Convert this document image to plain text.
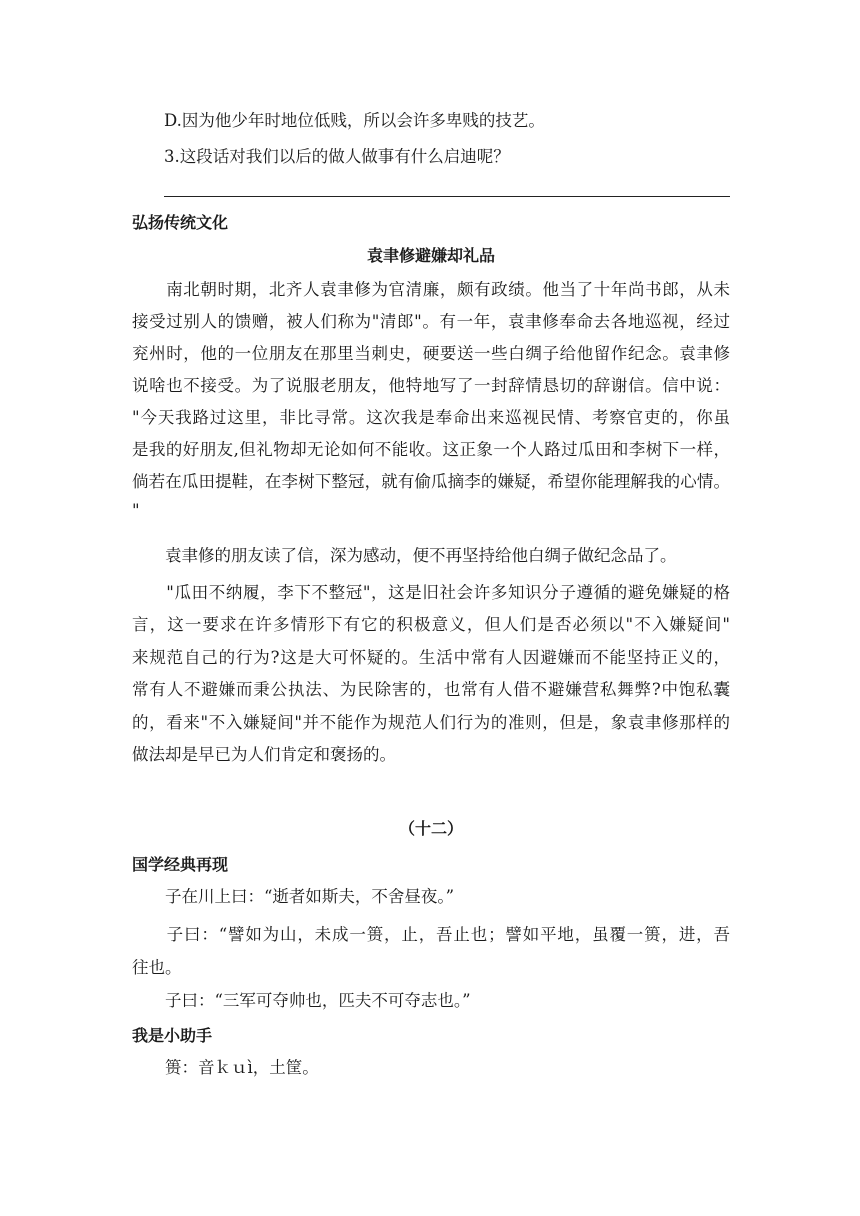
D.因为他少年时地位低贱，所以会许多卑贱的技艺。
3.这段话对我们以后的做人做事有什么启迪呢？
弘扬传统文化
袁聿修避嫌却礼品
　　南北朝时期，北齐人袁聿修为官清廉，颇有政绩。他当了十年尚书郎，从未
接受过别人的馈赠，被人们称为"清郎"。有一年，袁聿修奉命去各地巡视，经过
兖州时，他的一位朋友在那里当刺史，硬要送一些白绸子给他留作纪念。袁聿修
说啥也不接受。为了说服老朋友，他特地写了一封辞情恳切的辞谢信。信中说：
"今天我路过这里，非比寻常。这次我是奉命出来巡视民情、考察官吏的，你虽
是我的好朋友,但礼物却无论如何不能收。这正象一个人路过瓜田和李树下一样，
倘若在瓜田提鞋，在李树下整冠，就有偷瓜摘李的嫌疑，希望你能理解我的心情。
"
　　袁聿修的朋友读了信，深为感动，便不再坚持给他白绸子做纪念品了。
　　"瓜田不纳履，李下不整冠"，这是旧社会许多知识分子遵循的避免嫌疑的格
言，这一要求在许多情形下有它的积极意义，但人们是否必须以"不入嫌疑间"
来规范自己的行为?这是大可怀疑的。生活中常有人因避嫌而不能坚持正义的，
常有人不避嫌而秉公执法、为民除害的，也常有人借不避嫌营私舞弊?中饱私囊
的，看来"不入嫌疑间"并不能作为规范人们行为的准则，但是，象袁聿修那样的
做法却是早已为人们肯定和褒扬的。
（十二）
国学经典再现
　　子在川上曰：“逝者如斯夫，不舍昼夜。”
　　子曰：“譬如为山，未成一篑，止，吾止也；譬如平地，虽覆一篑，进，吾
往也。
　　子曰：“三军可夺帅也，匹夫不可夺志也。”
我是小助手
　　篑：音ｋｕì，土筐。
